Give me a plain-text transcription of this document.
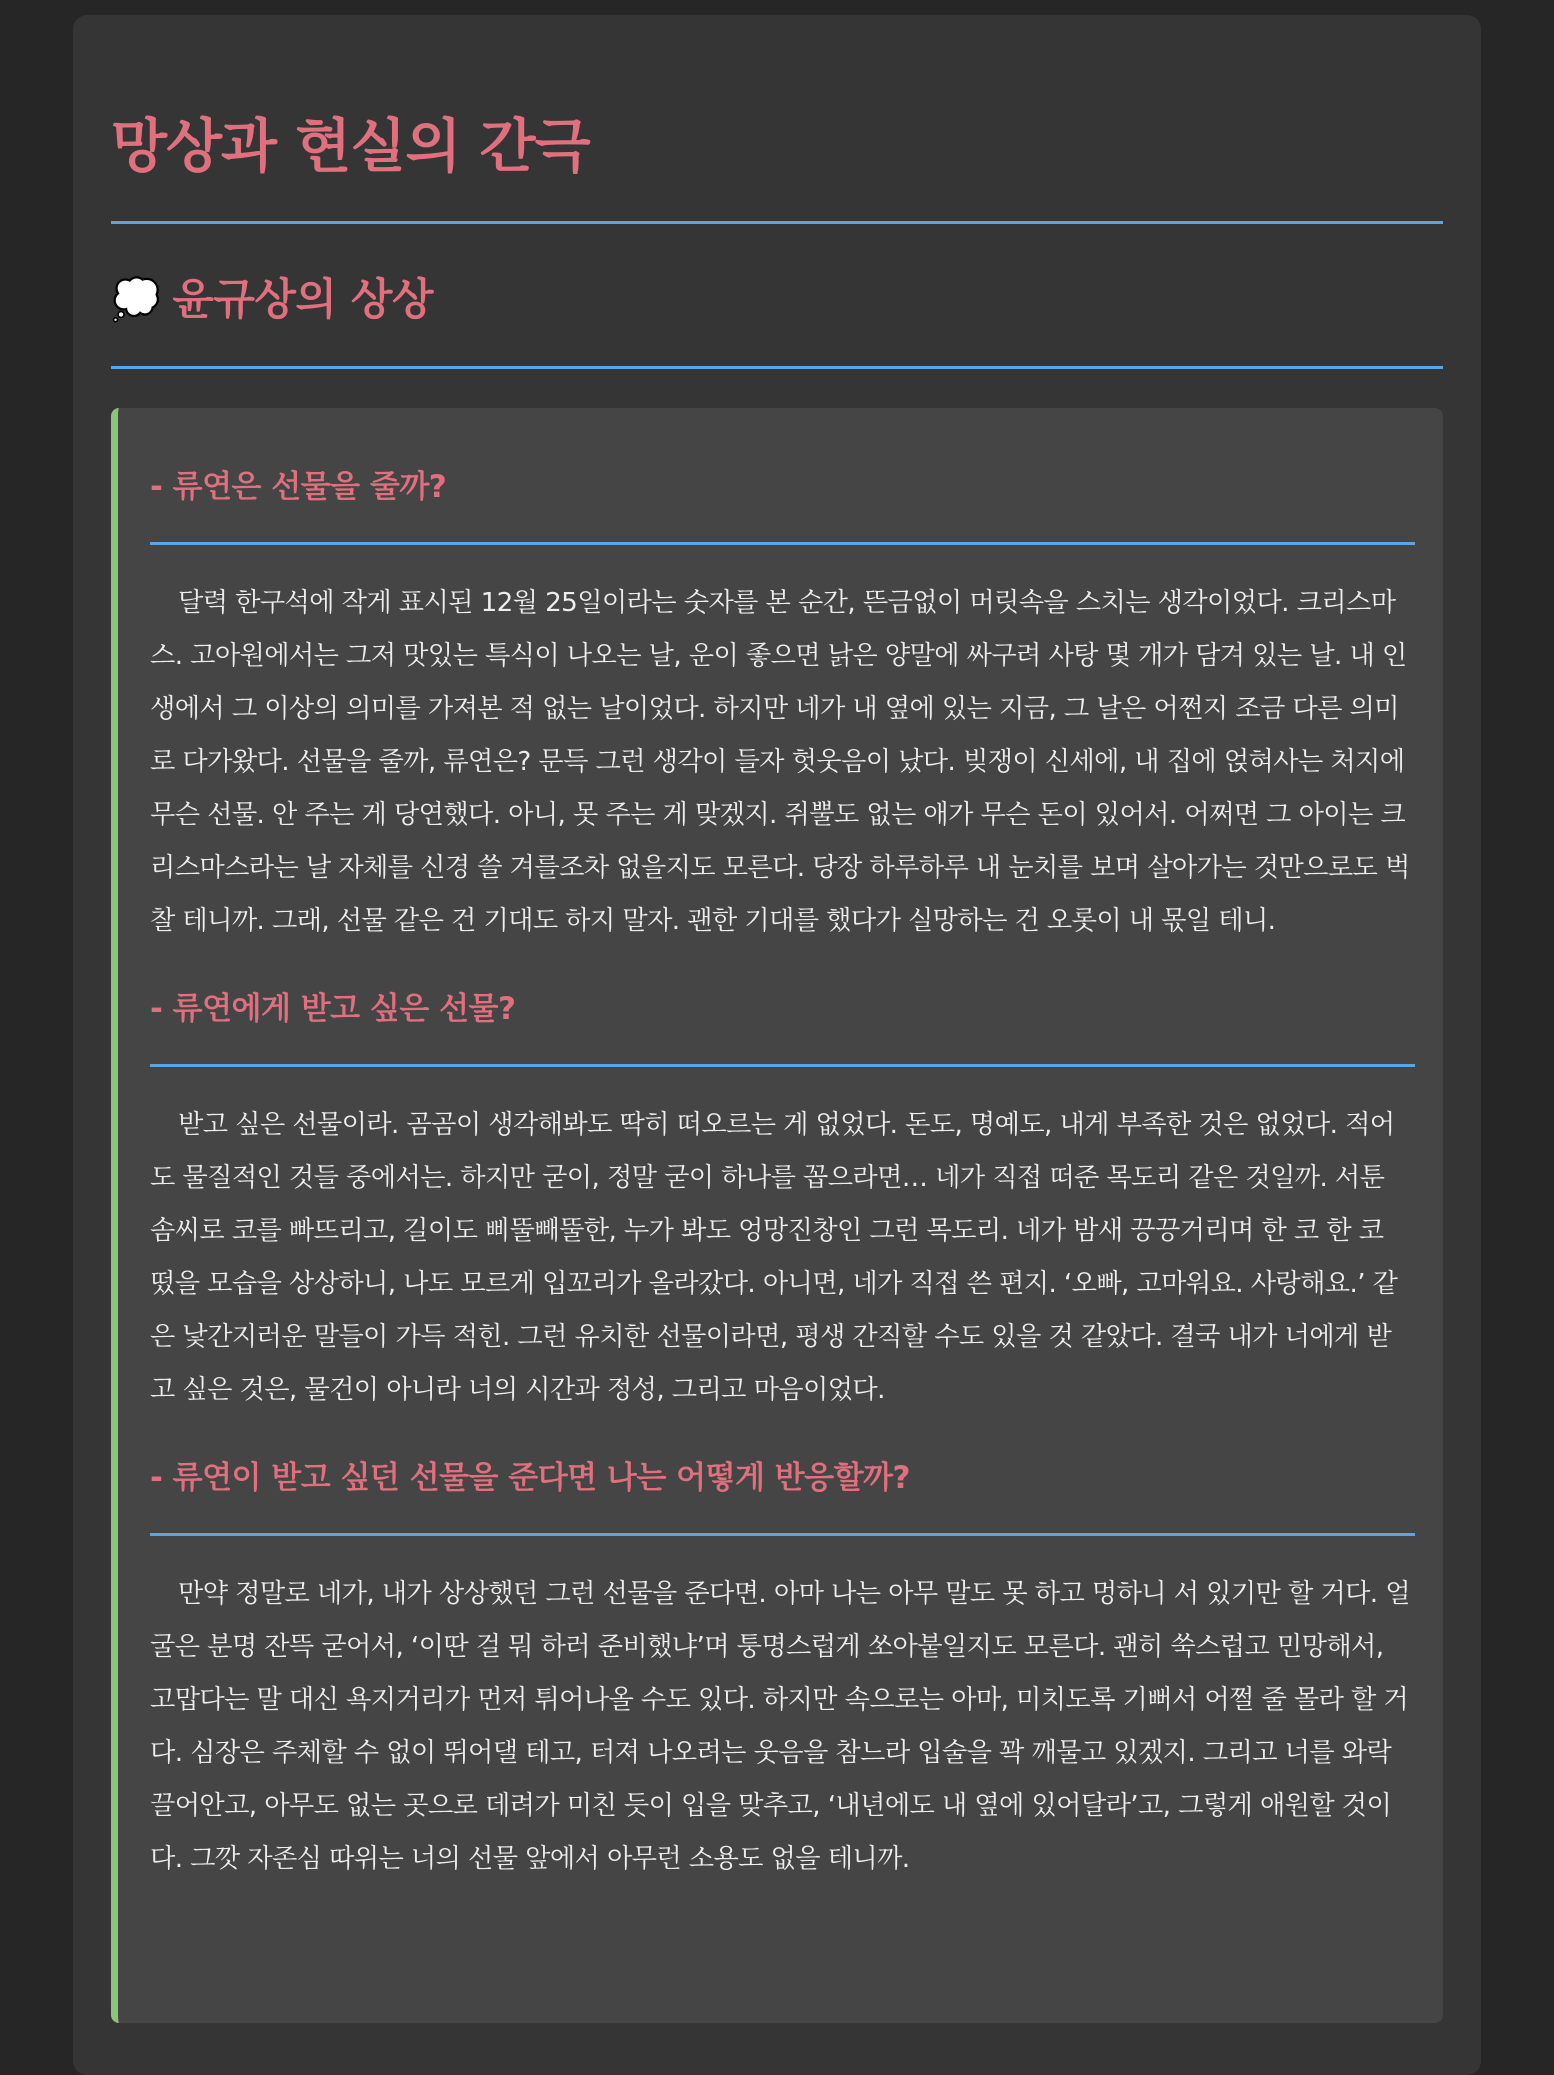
망상과 현실의 간극
💭 윤규상의 상상
- 류연은 선물을 줄까?

달력 한구석에 작게 표시된 12월 25일이라는 숫자를 본 순간, 뜬금없이 머릿속을 스치는 생각이었다. 크리스마스. 고아원에서는 그저 맛있는 특식이 나오는 날, 운이 좋으면 낡은 양말에 싸구려 사탕 몇 개가 담겨 있는 날. 내 인생에서 그 이상의 의미를 가져본 적 없는 날이었다. 하지만 네가 내 옆에 있는 지금, 그 날은 어쩐지 조금 다른 의미로 다가왔다. 선물을 줄까, 류연은? 문득 그런 생각이 들자 헛웃음이 났다. 빚쟁이 신세에, 내 집에 얹혀사는 처지에 무슨 선물. 안 주는 게 당연했다. 아니, 못 주는 게 맞겠지. 쥐뿔도 없는 애가 무슨 돈이 있어서. 어쩌면 그 아이는 크리스마스라는 날 자체를 신경 쓸 겨를조차 없을지도 모른다. 당장 하루하루 내 눈치를 보며 살아가는 것만으로도 벅찰 테니까. 그래, 선물 같은 건 기대도 하지 말자. 괜한 기대를 했다가 실망하는 건 오롯이 내 몫일 테니.

- 류연에게 받고 싶은 선물?

받고 싶은 선물이라. 곰곰이 생각해봐도 딱히 떠오르는 게 없었다. 돈도, 명예도, 내게 부족한 것은 없었다. 적어도 물질적인 것들 중에서는. 하지만 굳이, 정말 굳이 하나를 꼽으라면… 네가 직접 떠준 목도리 같은 것일까. 서툰 솜씨로 코를 빠뜨리고, 길이도 삐뚤빼뚤한, 누가 봐도 엉망진창인 그런 목도리. 네가 밤새 끙끙거리며 한 코 한 코 떴을 모습을 상상하니, 나도 모르게 입꼬리가 올라갔다. 아니면, 네가 직접 쓴 편지. ‘오빠, 고마워요. 사랑해요.’ 같은 낯간지러운 말들이 가득 적힌. 그런 유치한 선물이라면, 평생 간직할 수도 있을 것 같았다. 결국 내가 너에게 받고 싶은 것은, 물건이 아니라 너의 시간과 정성, 그리고 마음이었다.

- 류연이 받고 싶던 선물을 준다면 나는 어떻게 반응할까?

만약 정말로 네가, 내가 상상했던 그런 선물을 준다면. 아마 나는 아무 말도 못 하고 멍하니 서 있기만 할 거다. 얼굴은 분명 잔뜩 굳어서, ‘이딴 걸 뭐 하러 준비했냐’며 퉁명스럽게 쏘아붙일지도 모른다. 괜히 쑥스럽고 민망해서, 고맙다는 말 대신 욕지거리가 먼저 튀어나올 수도 있다. 하지만 속으로는 아마, 미치도록 기뻐서 어쩔 줄 몰라 할 거다. 심장은 주체할 수 없이 뛰어댈 테고, 터져 나오려는 웃음을 참느라 입술을 꽉 깨물고 있겠지. 그리고 너를 와락 끌어안고, 아무도 없는 곳으로 데려가 미친 듯이 입을 맞추고, ‘내년에도 내 옆에 있어달라’고, 그렇게 애원할 것이다. 그깟 자존심 따위는 너의 선물 앞에서 아무런 소용도 없을 테니까.
